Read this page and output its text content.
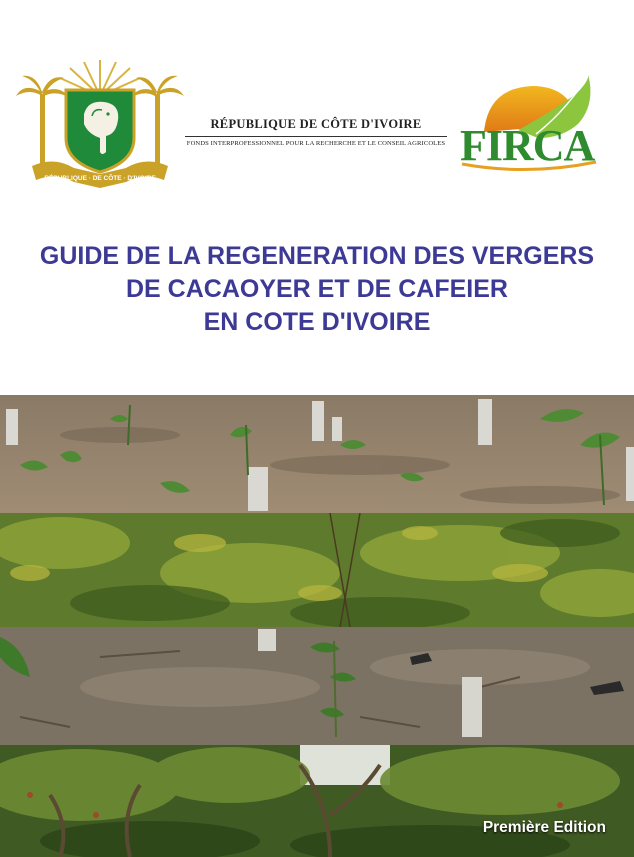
RÉPUBLIQUE · DE CÔTE · D'IVOIRE
RÉPUBLIQUE DE CÔTE D'IVOIRE
FONDS INTERPROFESSIONNEL POUR LA RECHERCHE ET LE CONSEIL AGRICOLES FIRCA
GUIDE DE LA REGENERATION DES VERGERS
DE CACAOYER ET DE CAFEIER
EN COTE D'IVOIRE
Première Edition
